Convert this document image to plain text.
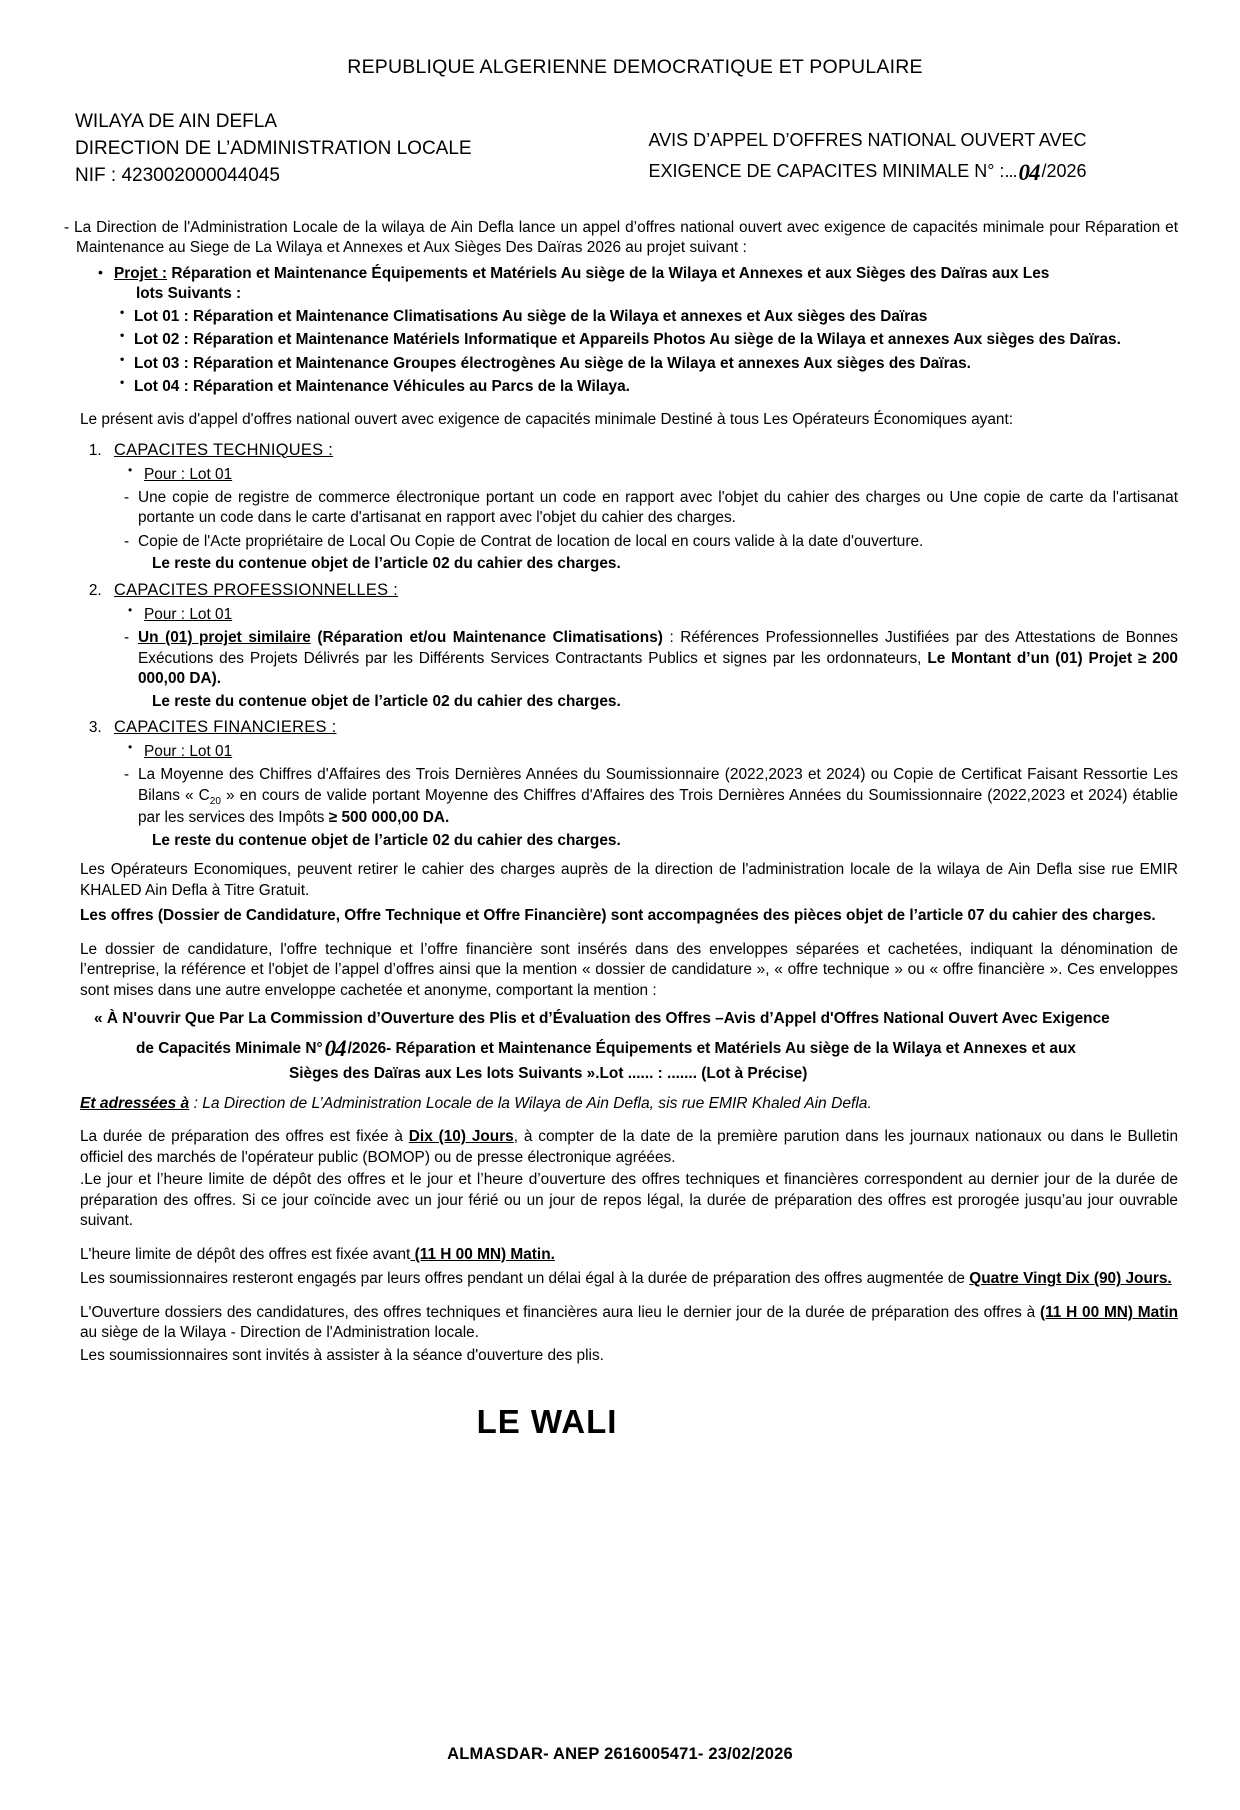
REPUBLIQUE ALGERIENNE DEMOCRATIQUE ET POPULAIRE
WILAYA DE AIN DEFLA
DIRECTION DE L’ADMINISTRATION LOCALE
NIF : 423002000044045
AVIS D’APPEL D’OFFRES NATIONAL OUVERT AVEC
EXIGENCE DE CAPACITES MINIMALE N° :...04 /2026

- La Direction de l'Administration Locale de la wilaya de Ain Defla lance un appel d’offres national ouvert avec exigence de capacités minimale pour Réparation et Maintenance au Siege de La Wilaya et Annexes et Aux Sièges Des Daïras 2026 au projet suivant :

• Projet : Réparation et Maintenance Équipements et Matériels Au siège de la Wilaya et Annexes et aux Sièges des Daïras aux Les
lots Suivants :
• Lot 01 : Réparation et Maintenance Climatisations Au siège de la Wilaya et annexes et Aux sièges des Daïras
• Lot 02 : Réparation et Maintenance Matériels Informatique et Appareils Photos Au siège de la Wilaya et annexes Aux sièges des Daïras.
• Lot 03 : Réparation et Maintenance Groupes électrogènes Au siège de la Wilaya et annexes Aux sièges des Daïras.
• Lot 04 : Réparation et Maintenance Véhicules au Parcs de la Wilaya.

Le présent avis d'appel d'offres national ouvert avec exigence de capacités minimale Destiné à tous Les Opérateurs Économiques ayant:

1. CAPACITES TECHNIQUES :
• Pour : Lot 01
- Une copie de registre de commerce électronique portant un code en rapport avec l'objet du cahier des charges ou Une copie de carte da l'artisanat portante un code dans le carte d'artisanat en rapport avec l'objet du cahier des charges.
- Copie de l'Acte propriétaire de Local Ou Copie de Contrat de location de local en cours valide à la date d'ouverture.
Le reste du contenue objet de l’article 02 du cahier des charges.
2. CAPACITES PROFESSIONNELLES :
• Pour : Lot 01
- Un (01) projet similaire (Réparation et/ou Maintenance Climatisations) : Références Professionnelles Justifiées par des Attestations de Bonnes Exécutions des Projets Délivrés par les Différents Services Contractants Publics et signes par les ordonnateurs, Le Montant d’un (01) Projet ≥ 200 000,00 DA).
Le reste du contenue objet de l’article 02 du cahier des charges.
3. CAPACITES FINANCIERES :
• Pour : Lot 01
- La Moyenne des Chiffres d'Affaires des Trois Dernières Années du Soumissionnaire (2022,2023 et 2024) ou Copie de Certificat Faisant Ressortie Les Bilans « $C_{20}$ » en cours de valide portant Moyenne des Chiffres d'Affaires des Trois Dernières Années du Soumissionnaire (2022,2023 et 2024) établie par les services des Impôts ≥ 500 000,00 DA.
Le reste du contenue objet de l’article 02 du cahier des charges.

Les Opérateurs Economiques, peuvent retirer le cahier des charges auprès de la direction de l'administration locale de la wilaya de Ain Defla sise rue EMIR KHALED Ain Defla à Titre Gratuit.

Les offres (Dossier de Candidature, Offre Technique et Offre Financière) sont accompagnées des pièces objet de l’article 07 du cahier des charges.

Le dossier de candidature, l'offre technique et l’offre financière sont insérés dans des enveloppes séparées et cachetées, indiquant la dénomination de l’entreprise, la référence et l'objet de l’appel d’offres ainsi que la mention « dossier de candidature », « offre technique » ou « offre financière ». Ces enveloppes sont mises dans une autre enveloppe cachetée et anonyme, comportant la mention :

« À N'ouvrir Que Par La Commission d’Ouverture des Plis et d’Évaluation des Offres –Avis d’Appel d'Offres National Ouvert Avec Exigence
de Capacités Minimale N°04 /2026- Réparation et Maintenance Équipements et Matériels Au siège de la Wilaya et Annexes et aux
Sièges des Daïras aux Les lots Suivants ».Lot ...... : ....... (Lot à Précise)

Et adressées à : La Direction de L’Administration Locale de la Wilaya de Ain Defla, sis rue EMIR Khaled Ain Defla.

La durée de préparation des offres est fixée à Dix (10) Jours, à compter de la date de la première parution dans les journaux nationaux ou dans le Bulletin officiel des marchés de l'opérateur public (BOMOP) ou de presse électronique agréées.

.Le jour et l’heure limite de dépôt des offres et le jour et l’heure d’ouverture des offres techniques et financières correspondent au dernier jour de la durée de préparation des offres. Si ce jour coïncide avec un jour férié ou un jour de repos légal, la durée de préparation des offres est prorogée jusqu’au jour ouvrable suivant.

L'heure limite de dépôt des offres est fixée avant (11 H 00 MN) Matin.

Les soumissionnaires resteront engagés par leurs offres pendant un délai égal à la durée de préparation des offres augmentée de Quatre Vingt Dix (90) Jours.

L'Ouverture dossiers des candidatures, des offres techniques et financières aura lieu le dernier jour de la durée de préparation des offres à (11 H 00 MN) Matin au siège de la Wilaya - Direction de l'Administration locale.

Les soumissionnaires sont invités à assister à la séance d'ouverture des plis.

LE WALI
ALMASDAR- ANEP 2616005471- 23/02/2026
